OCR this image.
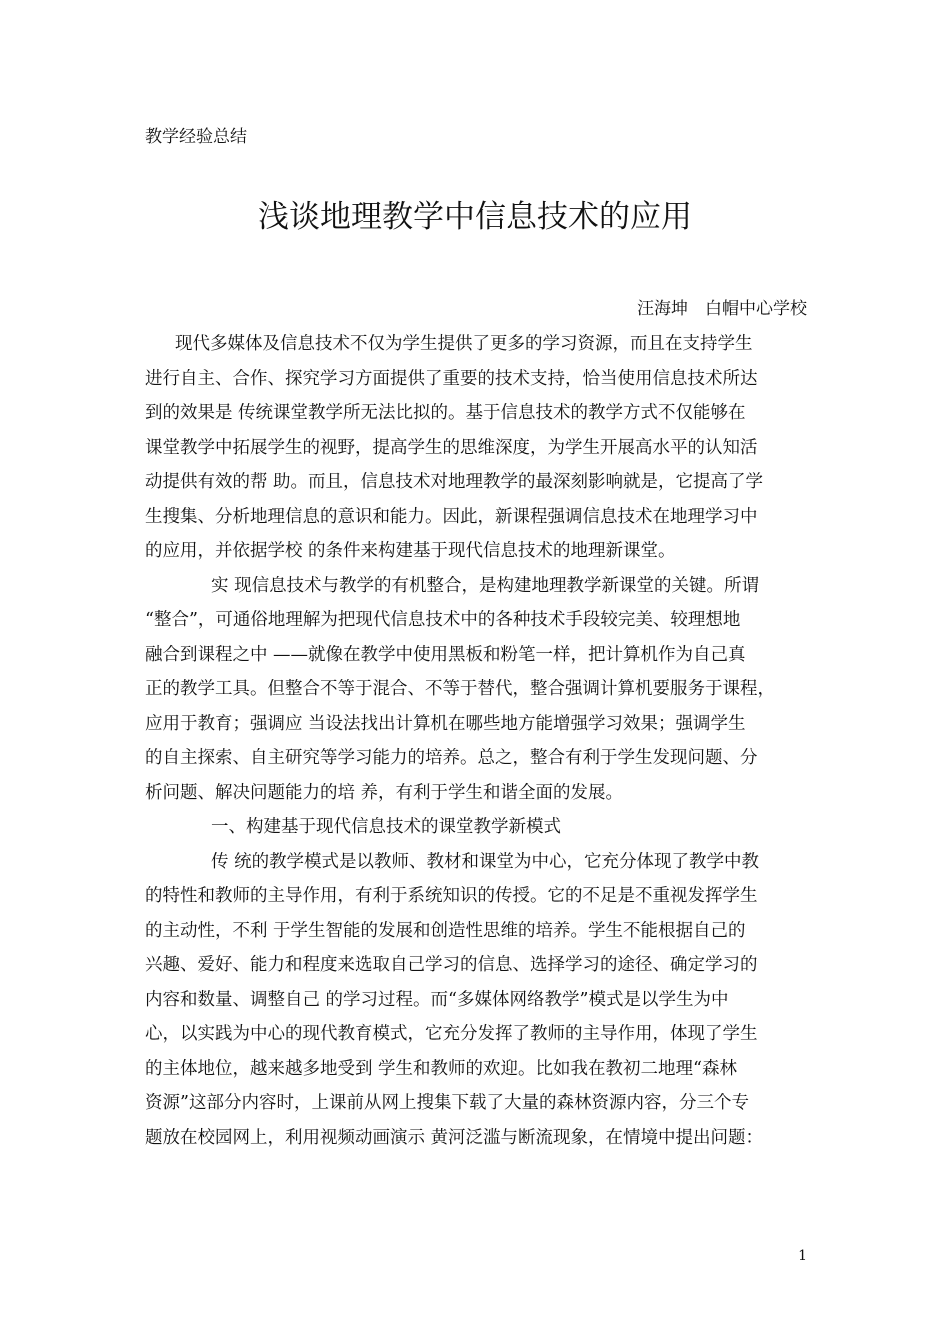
教学经验总结
浅谈地理教学中信息技术的应用
汪海坤　白帽中心学校
现代多媒体及信息技术不仅为学生提供了更多的学习资源，而且在支持学生
进行自主、合作、探究学习方面提供了重要的技术支持，恰当使用信息技术所达
到的效果是 传统课堂教学所无法比拟的。基于信息技术的教学方式不仅能够在
课堂教学中拓展学生的视野，提高学生的思维深度，为学生开展高水平的认知活
动提供有效的帮 助。而且，信息技术对地理教学的最深刻影响就是，它提高了学
生搜集、分析地理信息的意识和能力。因此，新课程强调信息技术在地理学习中
的应用，并依据学校 的条件来构建基于现代信息技术的地理新课堂。
实 现信息技术与教学的有机整合，是构建地理教学新课堂的关键。所谓
“整合”，可通俗地理解为把现代信息技术中的各种技术手段较完美、较理想地
融合到课程之中 ——就像在教学中使用黑板和粉笔一样，把计算机作为自己真
正的教学工具。但整合不等于混合、不等于替代，整合强调计算机要服务于课程，
应用于教育；强调应 当设法找出计算机在哪些地方能增强学习效果；强调学生
的自主探索、自主研究等学习能力的培养。总之，整合有利于学生发现问题、分
析问题、解决问题能力的培 养，有利于学生和谐全面的发展。
一、构建基于现代信息技术的课堂教学新模式
传 统的教学模式是以教师、教材和课堂为中心，它充分体现了教学中教
的特性和教师的主导作用，有利于系统知识的传授。它的不足是不重视发挥学生
的主动性，不利 于学生智能的发展和创造性思维的培养。学生不能根据自己的
兴趣、爱好、能力和程度来选取自己学习的信息、选择学习的途径、确定学习的
内容和数量、调整自己 的学习过程。而“多媒体网络教学”模式是以学生为中
心，以实践为中心的现代教育模式，它充分发挥了教师的主导作用，体现了学生
的主体地位，越来越多地受到 学生和教师的欢迎。比如我在教初二地理“森林
资源”这部分内容时，上课前从网上搜集下载了大量的森林资源内容，分三个专
题放在校园网上，利用视频动画演示 黄河泛滥与断流现象，在情境中提出问题：
1
